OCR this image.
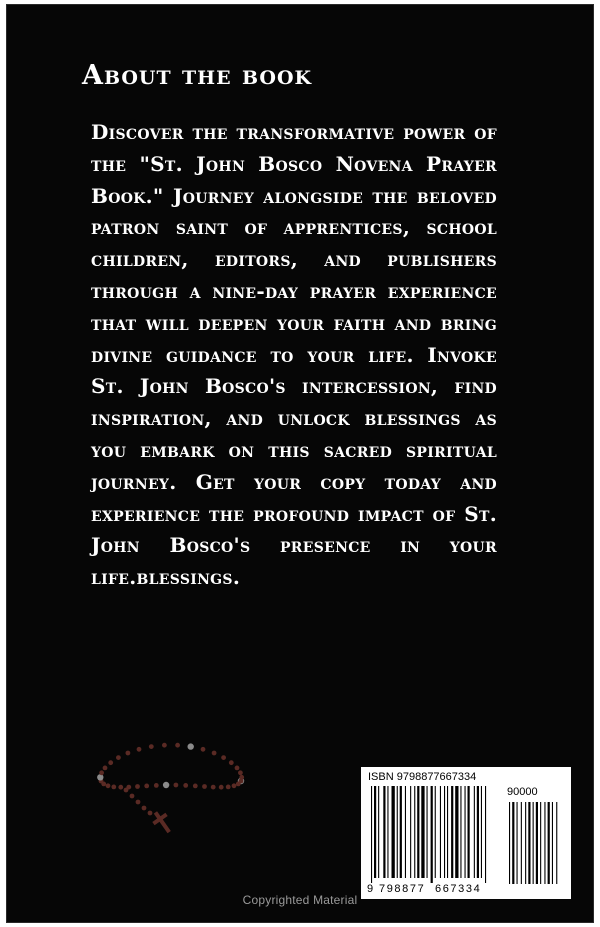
About the book
Discover the transformative power of the "St. John Bosco Novena Prayer Book." Journey alongside the beloved patron saint of apprentices, school children, editors, and publishers through a nine-day prayer experience that will deepen your faith and bring divine guidance to your life. Invoke St. John Bosco's intercession, find inspiration, and unlock blessings as you embark on this sacred spiritual journey. Get your copy today and experience the profound impact of St. John Bosco's presence in your life.blessings.
ISBN 9798877667334
90000
9 798877 667334
Copyrighted Material
